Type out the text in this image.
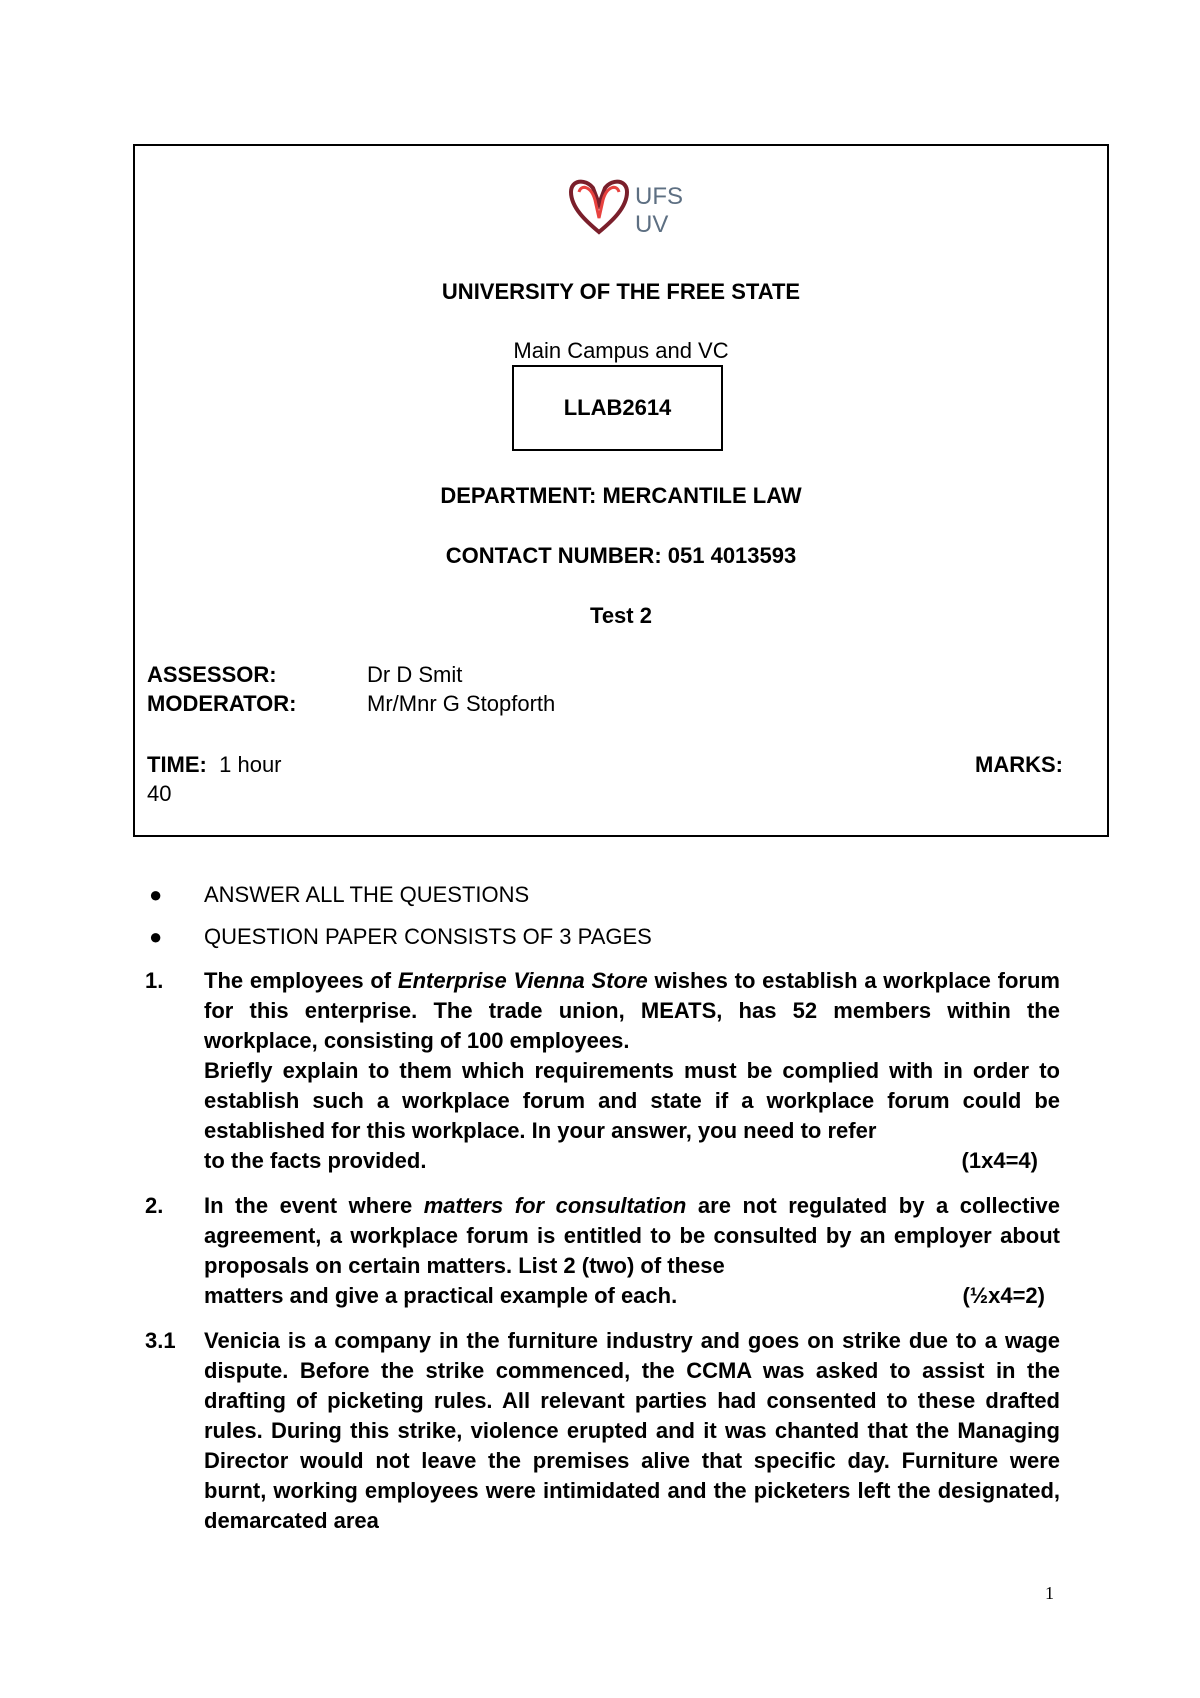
UFS
UV
UNIVERSITY OF THE FREE STATE
Main Campus and VC
LLAB2614
DEPARTMENT: MERCANTILE LAW
CONTACT NUMBER: 051 4013593
Test 2
ASSESSOR:	Dr D Smit
MODERATOR:	Mr/Mnr G Stopforth
TIME: 1 hour	MARKS:
40
● ANSWER ALL THE QUESTIONS
● QUESTION PAPER CONSISTS OF 3 PAGES
1. The employees of Enterprise Vienna Store wishes to establish a workplace forum for this enterprise. The trade union, MEATS, has 52 members within the workplace, consisting of 100 employees.
Briefly explain to them which requirements must be complied with in order to establish such a workplace forum and state if a workplace forum could be established for this workplace. In your answer, you need to refer
to the facts provided.	(1x4=4)
2. In the event where matters for consultation are not regulated by a collective agreement, a workplace forum is entitled to be consulted by an employer about proposals on certain matters. List 2 (two) of these
matters and give a practical example of each.	(½x4=2)
3.1 Venicia is a company in the furniture industry and goes on strike due to a wage dispute. Before the strike commenced, the CCMA was asked to assist in the drafting of picketing rules. All relevant parties had consented to these drafted rules. During this strike, violence erupted and it was chanted that the Managing Director would not leave the premises alive that specific day. Furniture were burnt, working employees were intimidated and the picketers left the designated, demarcated area
1
